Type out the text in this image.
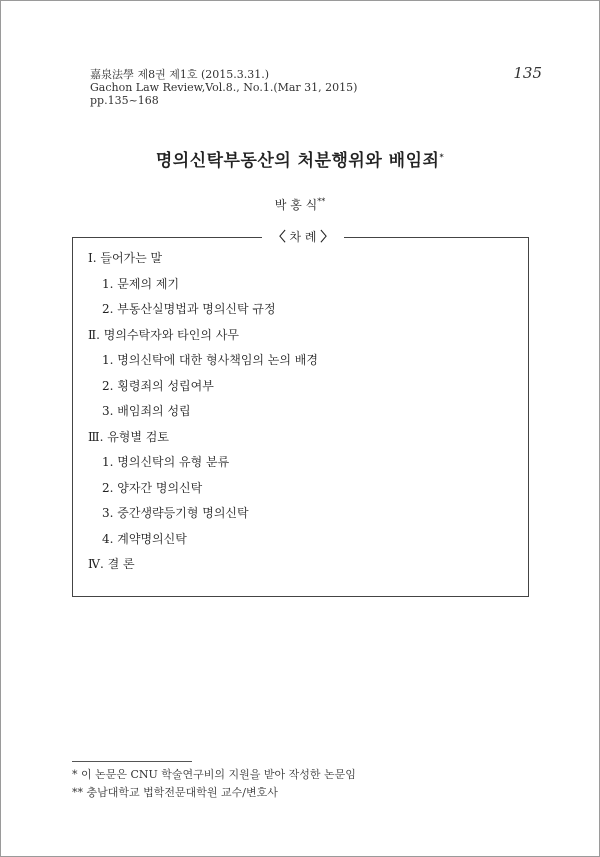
嘉泉法學 제8권 제1호 (2015.3.31.)
Gachon Law Review,Vol.8., No.1.(Mar 31, 2015)
pp.135~168
135
명의신탁부동산의 처분행위와 배임죄*
박 홍 식**
〈 차 례 〉
Ⅰ. 들어가는 말
1. 문제의 제기
2. 부동산실명법과 명의신탁 규정
Ⅱ. 명의수탁자와 타인의 사무
1. 명의신탁에 대한 형사책임의 논의 배경
2. 횡령죄의 성립여부
3. 배임죄의 성립
Ⅲ. 유형별 검토
1. 명의신탁의 유형 분류
2. 양자간 명의신탁
3. 중간생략등기형 명의신탁
4. 계약명의신탁
Ⅳ. 결 론
* 이 논문은 CNU 학술연구비의 지원을 받아 작성한 논문임
** 충남대학교 법학전문대학원 교수/변호사
